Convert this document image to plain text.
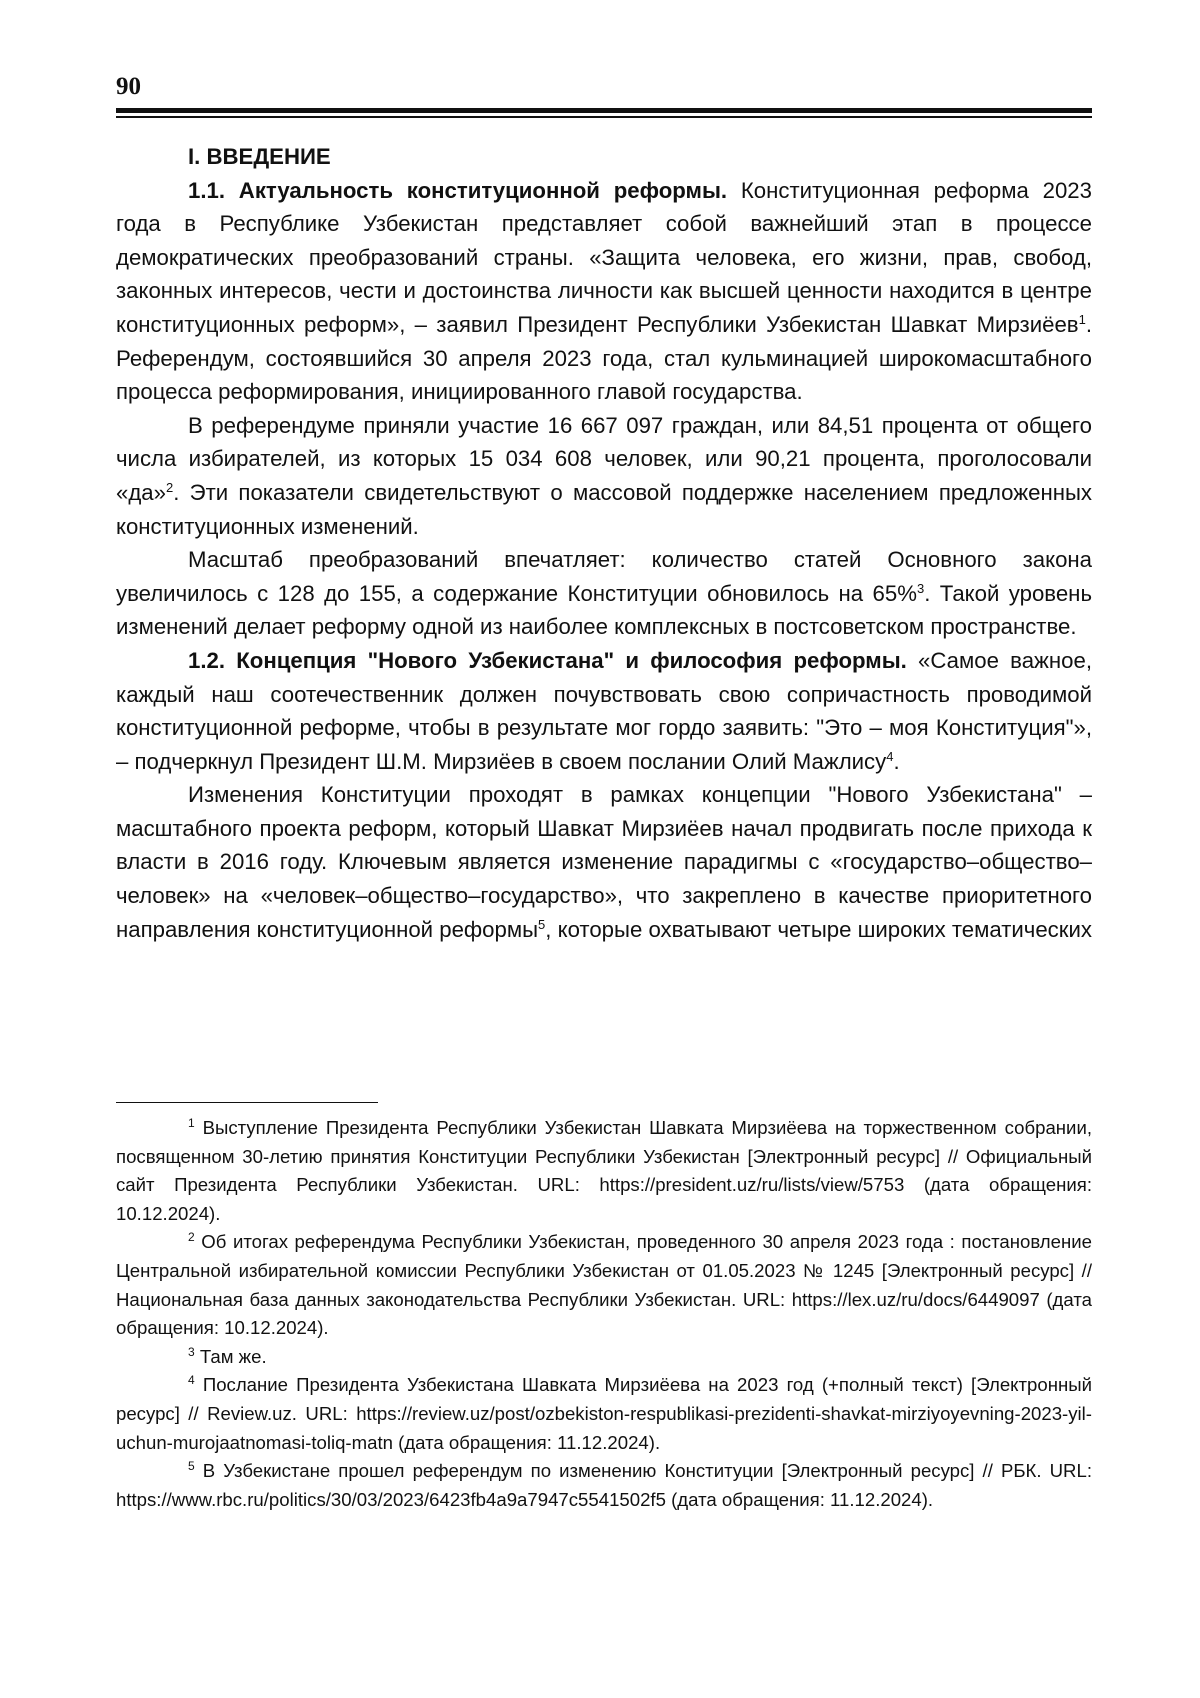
90
I. ВВЕДЕНИЕ

1.1. Актуальность конституционной реформы. Конституционная реформа 2023 года в Республике Узбекистан представляет собой важнейший этап в процессе демократических преобразований страны. «Защита человека, его жизни, прав, свобод, законных интересов, чести и достоинства личности как высшей ценности находится в центре конституционных реформ», – заявил Президент Республики Узбекистан Шавкат Мирзиёев$^1$. Референдум, состоявшийся 30 апреля 2023 года, стал кульминацией широкомасштабного процесса реформирования, инициированного главой государства.

В референдуме приняли участие 16 667 097 граждан, или 84,51 процента от общего числа избирателей, из которых 15 034 608 человек, или 90,21 процента, проголосовали «да»$^2$. Эти показатели свидетельствуют о массовой поддержке населением предложенных конституционных изменений.

Масштаб преобразований впечатляет: количество статей Основного закона увеличилось с 128 до 155, а содержание Конституции обновилось на 65%$^3$. Такой уровень изменений делает реформу одной из наиболее комплексных в постсоветском пространстве.

1.2. Концепция "Нового Узбекистана" и философия реформы. «Самое важное, каждый наш соотечественник должен почувствовать свою сопричастность проводимой конституционной реформе, чтобы в результате мог гордо заявить: "Это – моя Конституция"», – подчеркнул Президент Ш.М. Мирзиёев в своем послании Олий Мажлису$^4$.

Изменения Конституции проходят в рамках концепции "Нового Узбекистана" – масштабного проекта реформ, который Шавкат Мирзиёев начал продвигать после прихода к власти в 2016 году. Ключевым является изменение парадигмы с «государство–общество–человек» на «человек–общество–государство», что закреплено в качестве приоритетного направления конституционной реформы$^5$, которые охватывают четыре широких тематических

$^1$ Выступление Президента Республики Узбекистан Шавката Мирзиёева на торжественном собрании, посвященном 30-летию принятия Конституции Республики Узбекистан [Электронный ресурс] // Официальный сайт Президента Республики Узбекистан. URL: https://president.uz/ru/lists/view/5753 (дата обращения: 10.12.2024).

$^2$ Об итогах референдума Республики Узбекистан, проведенного 30 апреля 2023 года : постановление Центральной избирательной комиссии Республики Узбекистан от 01.05.2023 № 1245 [Электронный ресурс] // Национальная база данных законодательства Республики Узбекистан. URL: https://lex.uz/ru/docs/6449097 (дата обращения: 10.12.2024).

$^3$ Там же.

$^4$ Послание Президента Узбекистана Шавката Мирзиёева на 2023 год (+полный текст) [Электронный ресурс] // Review.uz. URL: https://review.uz/post/ozbekiston-respublikasi-prezidenti-shavkat-mirziyoyevning-2023-yil-uchun-murojaatnomasi-toliq-matn (дата обращения: 11.12.2024).

$^5$ В Узбекистане прошел референдум по изменению Конституции [Электронный ресурс] // РБК. URL: https://www.rbc.ru/politics/30/03/2023/6423fb4a9a7947c5541502f5 (дата обращения: 11.12.2024).
